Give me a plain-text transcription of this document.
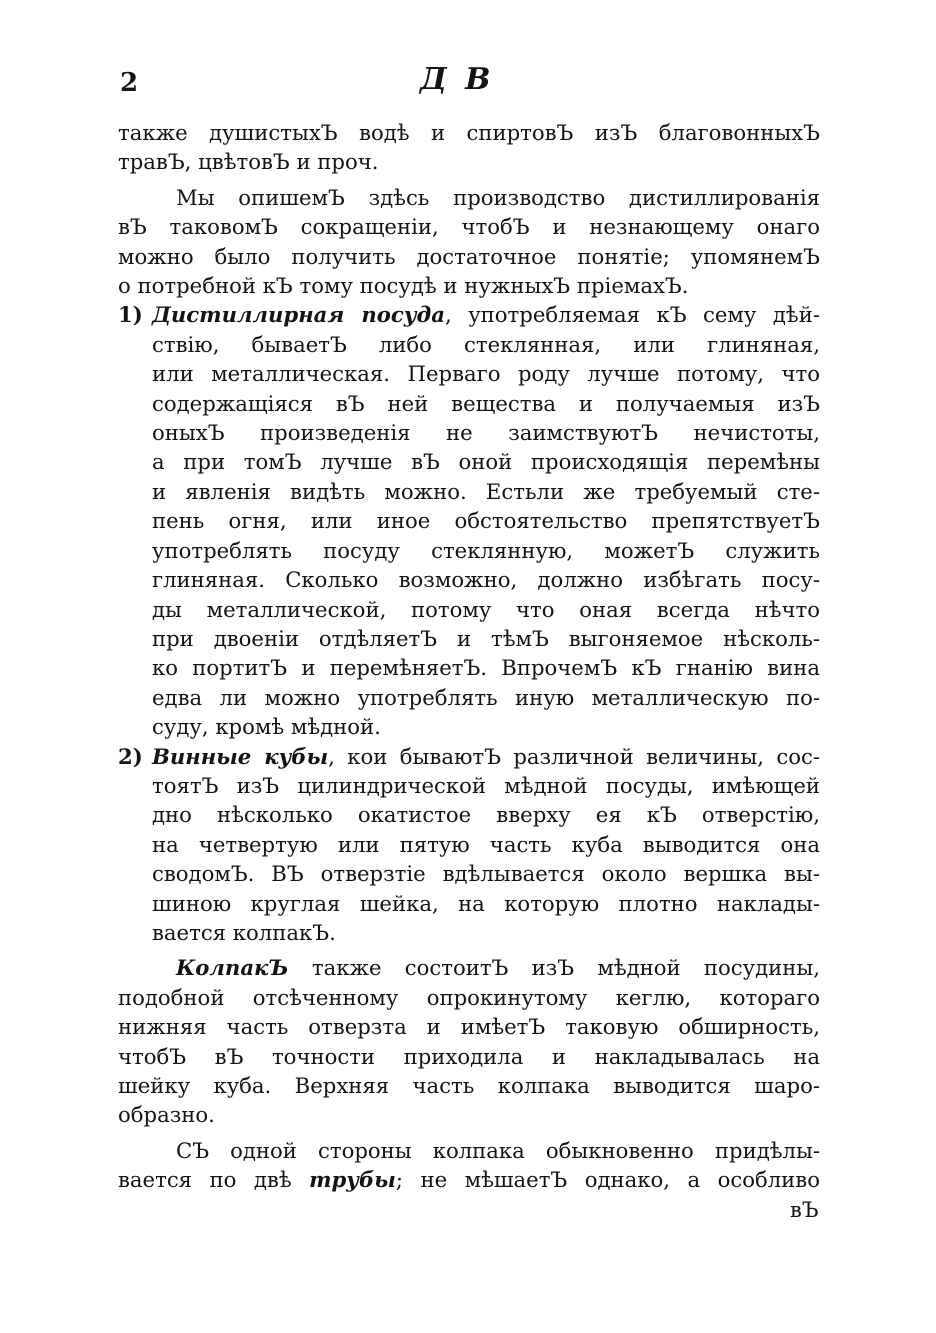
2	Д В
также душистыхЪ водѣ и спиртовЪ изЪ благовонныхЪ
травЪ, цвѣтовЪ и проч.
Мы опишемЪ здѣсь производство дистиллированія
вЪ таковомЪ сокращеніи, чтобЪ и незнающему онаго
можно было получить достаточное понятіе; упомянемЪ
о потребной кЪ тому посудѣ и нужныхЪ пріемахЪ.
1) Дистиллирная посуда, употребляемая кЪ сему дѣй-
ствію, бываетЪ либо стеклянная, или глиняная,
или металлическая. Перваго роду лучше потому, что
содержащіяся вЪ ней вещества и получаемыя изЪ
оныхЪ произведенія не заимствуютЪ нечистоты,
а при томЪ лучше вЪ оной происходящія перемѣны
и явленія видѣть можно. Естьли же требуемый сте-
пень огня, или иное обстоятельство препятствуетЪ
употреблять посуду стеклянную, можетЪ служить
глиняная. Сколько возможно, должно избѣгать посу-
ды металлической, потому что оная всегда нѣчто
при двоеніи отдѣляетЪ и тѣмЪ выгоняемое нѣсколь-
ко портитЪ и перемѣняетЪ. ВпрочемЪ кЪ гнанію вина
едва ли можно употреблять иную металлическую по-
суду, кромѣ мѣдной.
2) Винные кубы, кои бываютЪ различной величины, сос-
тоятЪ изЪ цилиндрической мѣдной посуды, имѣющей
дно нѣсколько окатистое вверху ея кЪ отверстію,
на четвертую или пятую часть куба выводится она
сводомЪ. ВЪ отверзтіе вдѣлывается около вершка вы-
шиною круглая шейка, на которую плотно наклады-
вается колпакЪ.
КолпакЪ также состоитЪ изЪ мѣдной посудины,
подобной отсѣченному опрокинутому кеглю, котораго
нижняя часть отверзта и имѣетЪ таковую обширность,
чтобЪ вЪ точности приходила и накладывалась на
шейку куба. Верхняя часть колпака выводится шаро-
образно.
СЪ одной стороны колпака обыкновенно придѣлы-
вается по двѣ трубы; не мѣшаетЪ однако, а особливо
вЪ
